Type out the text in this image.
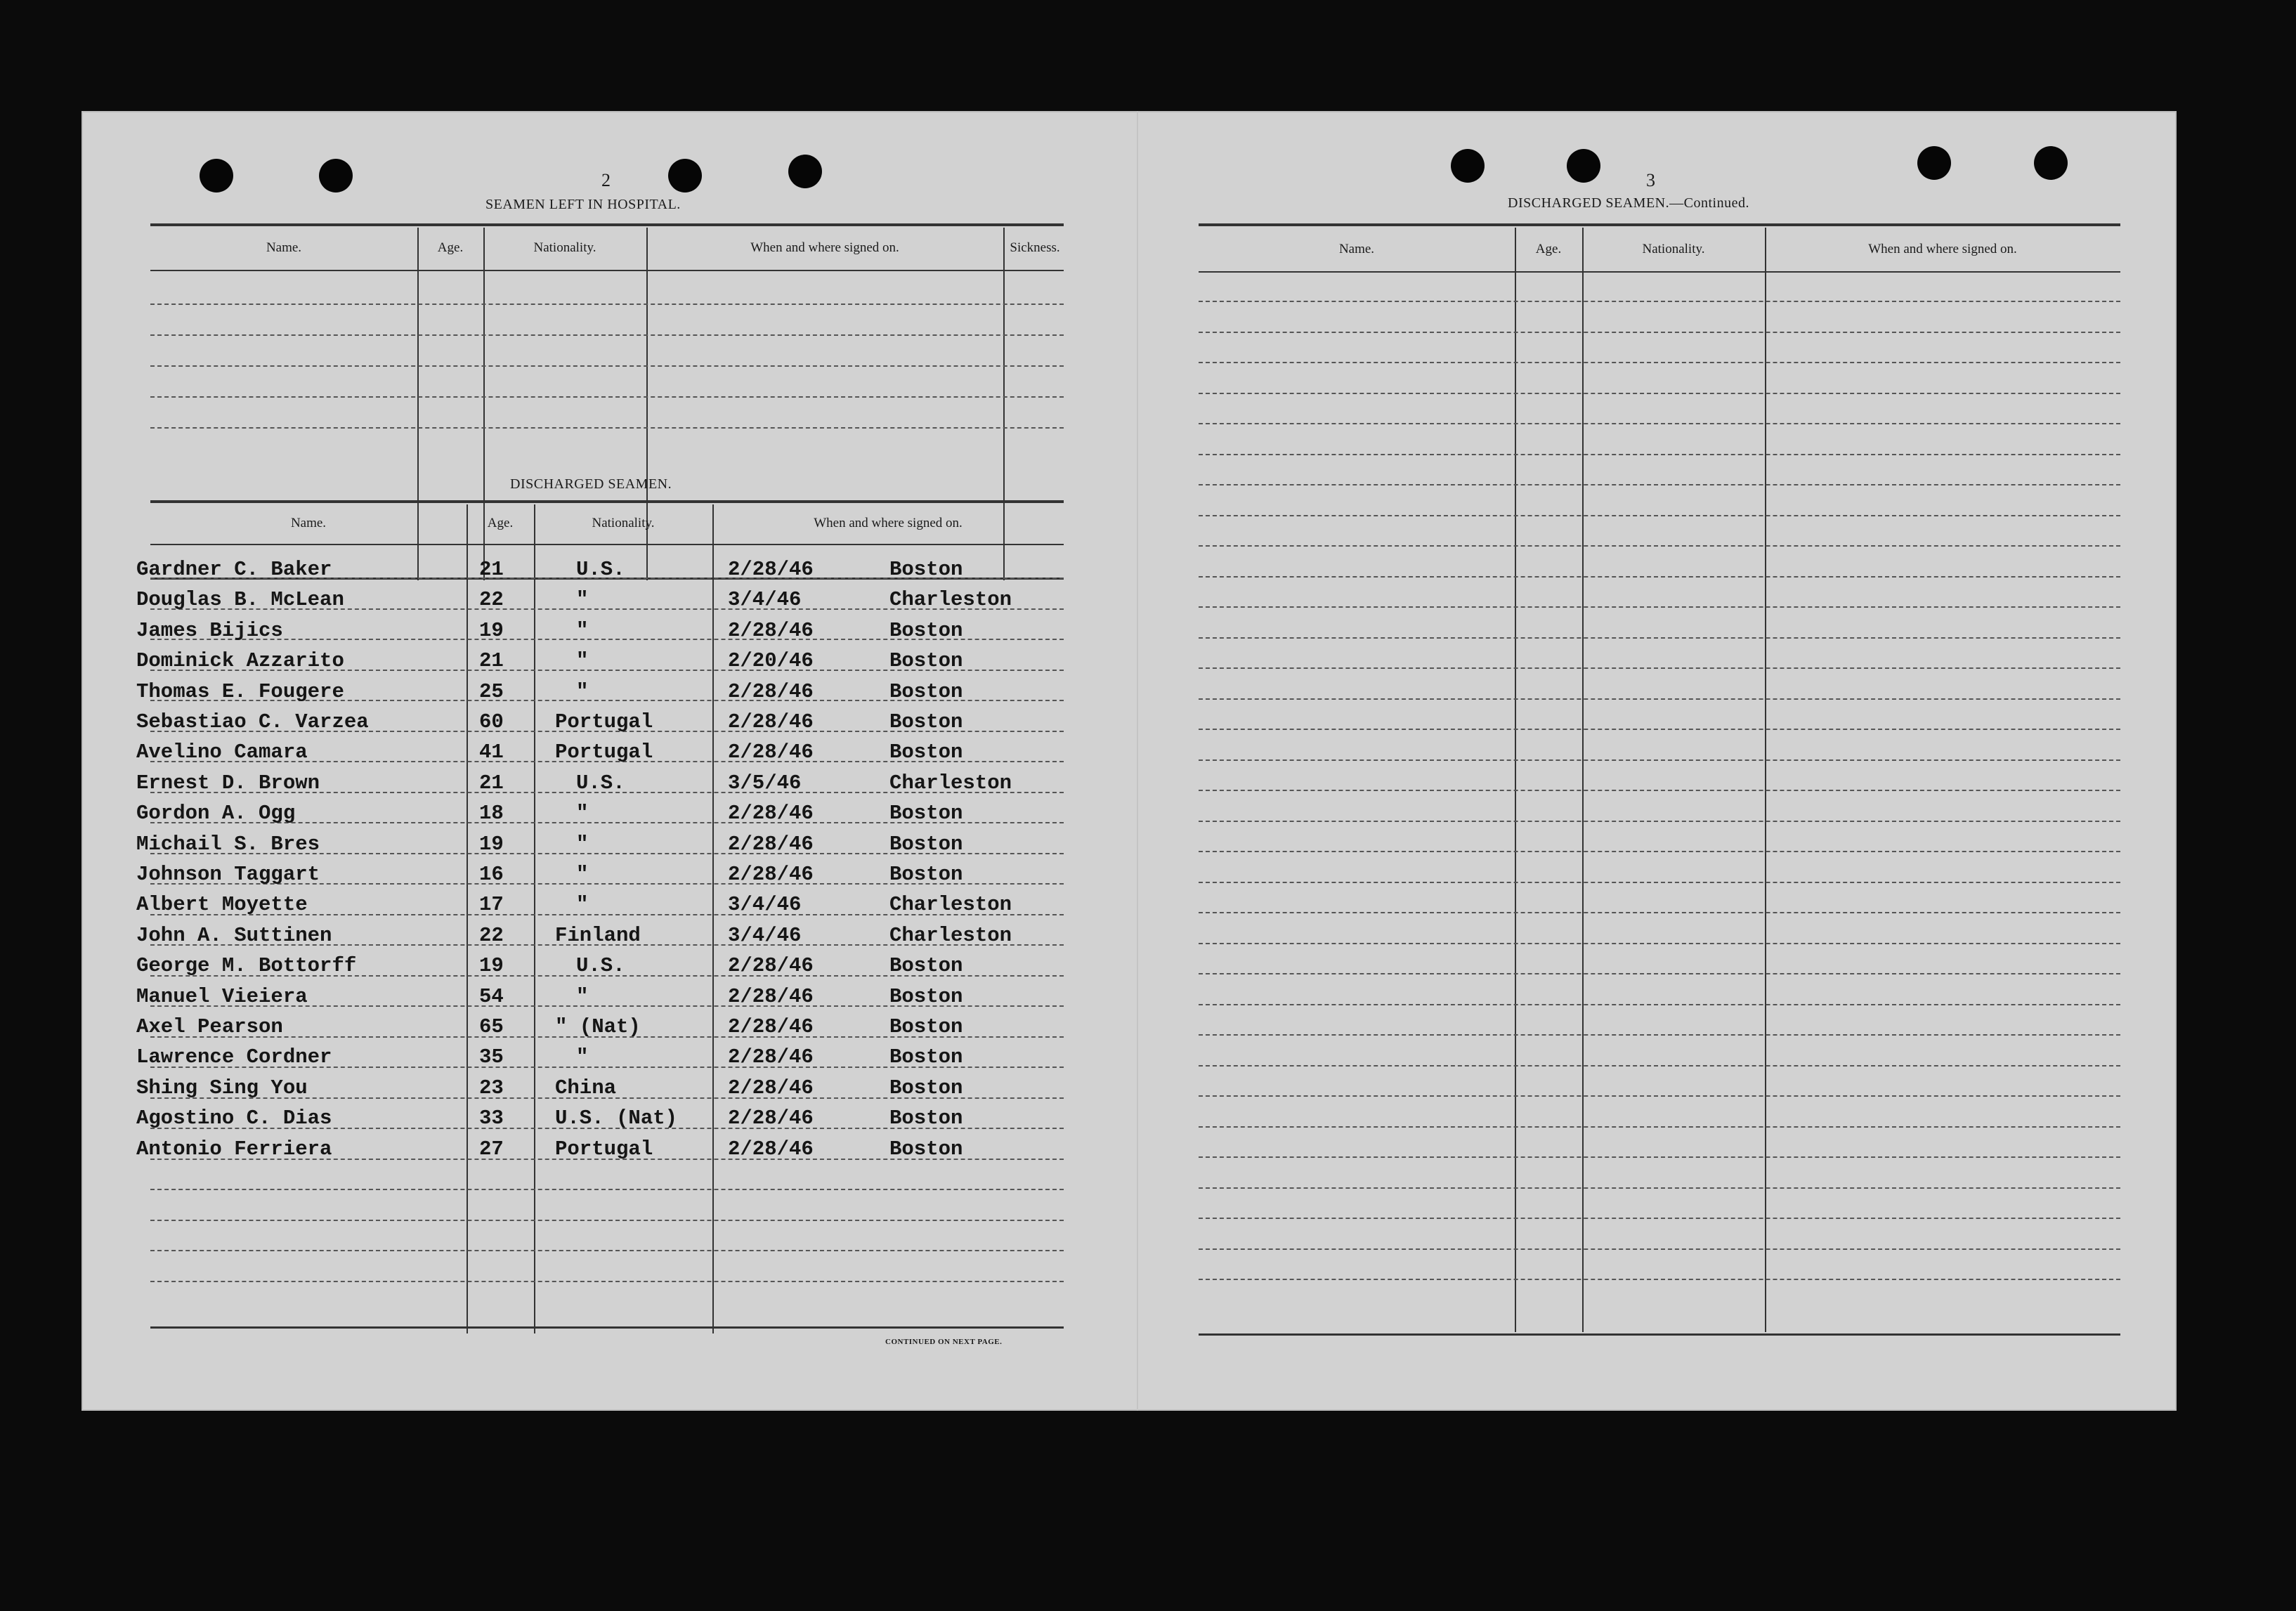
2
SEAMEN LEFT IN HOSPITAL.
Name.	Age.	Nationality.	When and where signed on.	Sickness.
DISCHARGED SEAMEN.
Name.	Age.	Nationality.	When and where signed on.
Gardner C. Baker	21	U.S.	2/28/46	Boston
Douglas B. McLean	22	"	3/4/46	Charleston
James Bijics	19	"	2/28/46	Boston
Dominick Azzarito	21	"	2/20/46	Boston
Thomas E. Fougere	25	"	2/28/46	Boston
Sebastiao C. Varzea	60	Portugal	2/28/46	Boston
Avelino Camara	41	Portugal	2/28/46	Boston
Ernest D. Brown	21	U.S.	3/5/46	Charleston
Gordon A. Ogg	18	"	2/28/46	Boston
Michail S. Bres	19	"	2/28/46	Boston
Johnson Taggart	16	"	2/28/46	Boston
Albert Moyette	17	"	3/4/46	Charleston
John A. Suttinen	22	Finland	3/4/46	Charleston
George M. Bottorff	19	U.S.	2/28/46	Boston
Manuel Vieiera	54	"	2/28/46	Boston
Axel Pearson	65	" (Nat)	2/28/46	Boston
Lawrence Cordner	35	"	2/28/46	Boston
Shing Sing You	23	China	2/28/46	Boston
Agostino C. Dias	33	U.S. (Nat) 2/28/46	Boston
Antonio Ferriera	27	Portugal	2/28/46	Boston
CONTINUED ON NEXT PAGE.
3
DISCHARGED SEAMEN.—Continued.
Name.	Age.	Nationality.	When and where signed on.
